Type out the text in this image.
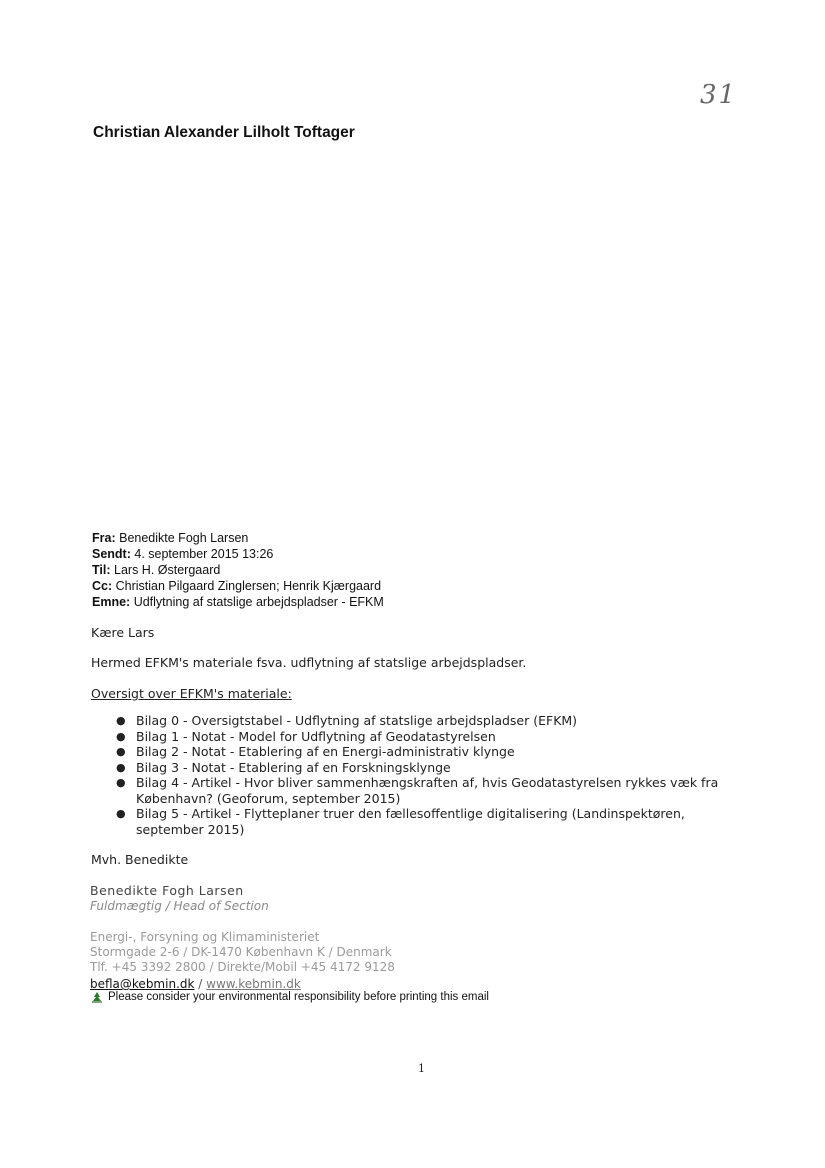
31
Christian Alexander Lilholt Toftager
Fra: Benedikte Fogh Larsen
Sendt: 4. september 2015 13:26
Til: Lars H. Østergaard
Cc: Christian Pilgaard Zinglersen; Henrik Kjærgaard
Emne: Udflytning af statslige arbejdspladser - EFKM
Kære Lars
Hermed EFKM's materiale fsva. udflytning af statslige arbejdspladser.
Oversigt over EFKM's materiale:
● Bilag 0 - Oversigtstabel - Udflytning af statslige arbejdspladser (EFKM)
● Bilag 1 - Notat - Model for Udflytning af Geodatastyrelsen
● Bilag 2 - Notat - Etablering af en Energi-administrativ klynge
● Bilag 3 - Notat - Etablering af en Forskningsklynge
● Bilag 4 - Artikel - Hvor bliver sammenhængskraften af, hvis Geodatastyrelsen rykkes væk fra København? (Geoforum, september 2015)
● Bilag 5 - Artikel - Flytteplaner truer den fællesoffentlige digitalisering (Landinspektøren, september 2015)
Mvh. Benedikte
Benedikte Fogh Larsen
Fuldmægtig / Head of Section
Energi-, Forsyning og Klimaministeriet
Stormgade 2-6 / DK-1470 København K / Denmark
Tlf. +45 3392 2800 / Direkte/Mobil +45 4172 9128
befla@kebmin.dk / www.kebmin.dk
Please consider your environmental responsibility before printing this email
1
